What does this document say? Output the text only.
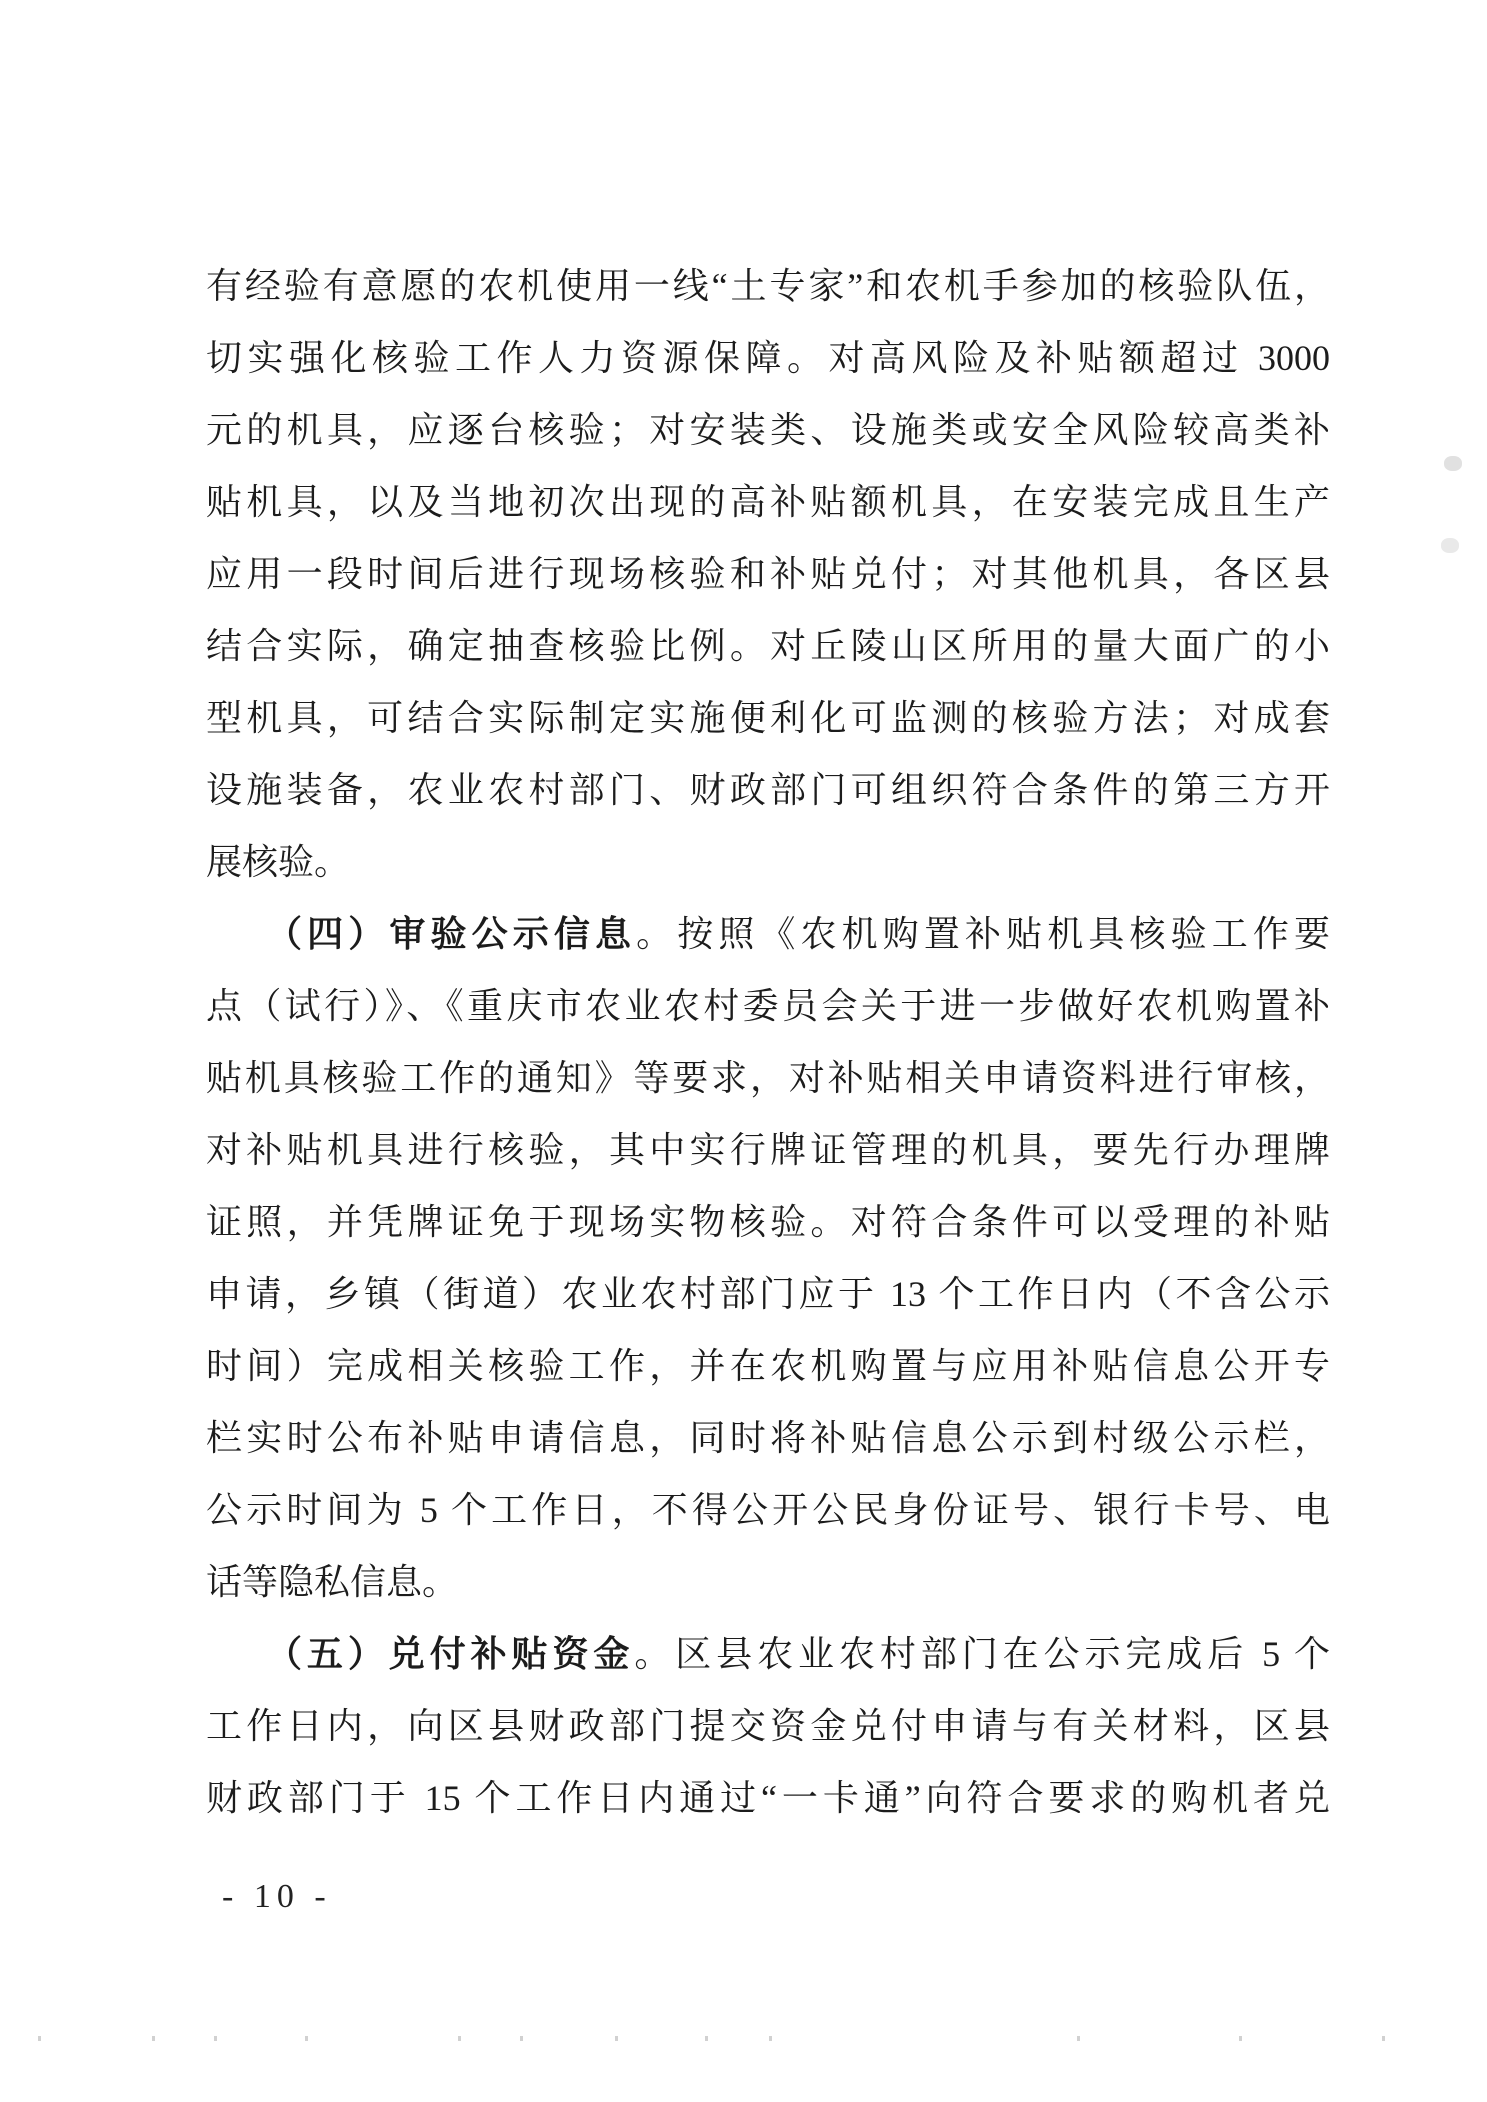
有经验有意愿的农机使用一线“土专家”和农机手参加的核验队伍，
切实强化核验工作人力资源保障。对高风险及补贴额超过 3000
元的机具，应逐台核验；对安装类、设施类或安全风险较高类补
贴机具，以及当地初次出现的高补贴额机具，在安装完成且生产
应用一段时间后进行现场核验和补贴兑付；对其他机具，各区县
结合实际，确定抽查核验比例。对丘陵山区所用的量大面广的小
型机具，可结合实际制定实施便利化可监测的核验方法；对成套
设施装备，农业农村部门、财政部门可组织符合条件的第三方开
展核验。
（四）审验公示信息。按照《农机购置补贴机具核验工作要
点（试行）》、《重庆市农业农村委员会关于进一步做好农机购置补
贴机具核验工作的通知》等要求，对补贴相关申请资料进行审核，
对补贴机具进行核验，其中实行牌证管理的机具，要先行办理牌
证照，并凭牌证免于现场实物核验。对符合条件可以受理的补贴
申请，乡镇（街道）农业农村部门应于 13 个工作日内（不含公示
时间）完成相关核验工作，并在农机购置与应用补贴信息公开专
栏实时公布补贴申请信息，同时将补贴信息公示到村级公示栏，
公示时间为 5 个工作日，不得公开公民身份证号、银行卡号、电
话等隐私信息。
（五）兑付补贴资金。区县农业农村部门在公示完成后 5 个
工作日内，向区县财政部门提交资金兑付申请与有关材料，区县
财政部门于 15 个工作日内通过“一卡通”向符合要求的购机者兑
- 10 -
